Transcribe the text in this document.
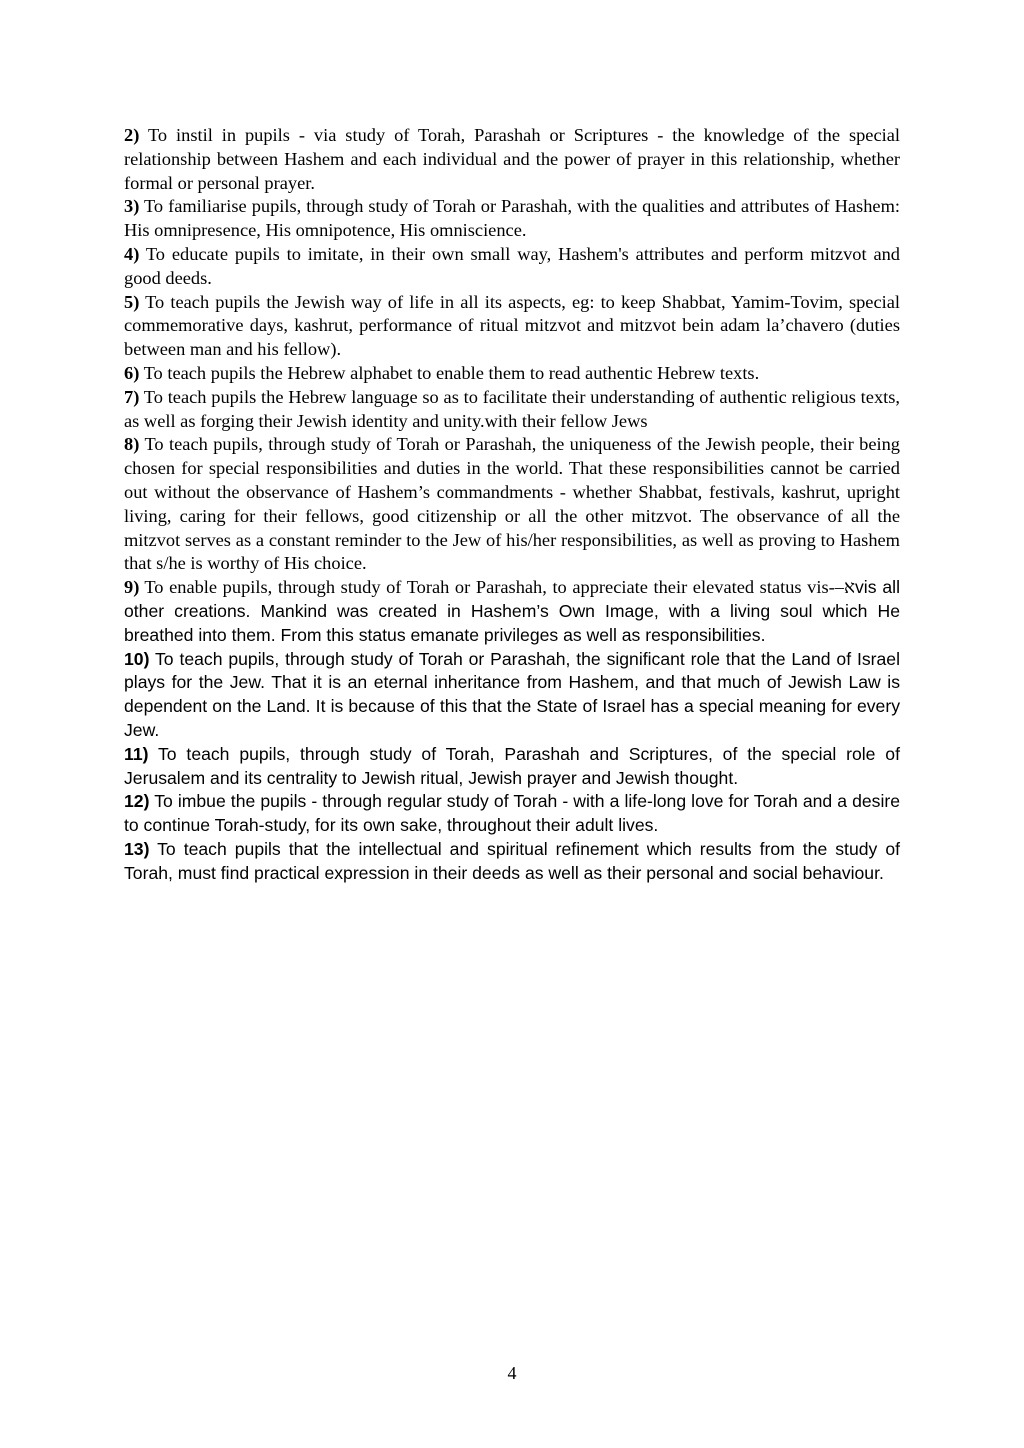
2) To instil in pupils - via study of Torah, Parashah or Scriptures - the knowledge of the special relationship between Hashem and each individual and the power of prayer in this relationship, whether formal or personal prayer.

3) To familiarise pupils, through study of Torah or Parashah, with the qualities and attributes of Hashem: His omnipresence, His omnipotence, His omniscience.

4) To educate pupils to imitate, in their own small way, Hashem's attributes and perform mitzvot and good deeds.

5) To teach pupils the Jewish way of life in all its aspects, eg: to keep Shabbat, Yamim-Tovim, special commemorative days, kashrut, performance of ritual mitzvot and mitzvot bein adam la’chavero (duties between man and his fellow).

6) To teach pupils the Hebrew alphabet to enable them to read authentic Hebrew texts.

7) To teach pupils the Hebrew language so as to facilitate their understanding of authentic religious texts, as well as forging their Jewish identity and unity.with their fellow Jews

8) To teach pupils, through study of Torah or Parashah, the uniqueness of the Jewish people, their being chosen for special responsibilities and duties in the world. That these responsibilities cannot be carried out without the observance of Hashem’s commandments - whether Shabbat, festivals, kashrut, upright living, caring for their fellows, good citizenship or all the other mitzvot. The observance of all the mitzvot serves as a constant reminder to the Jew of his/her responsibilities, as well as proving to Hashem that s/he is worthy of His choice.

9) To enable pupils, through study of Torah or Parashah, to appreciate their elevated status vis-–אvis all other creations. Mankind was created in Hashem’s Own Image, with a living soul which He breathed into them. From this status emanate privileges as well as responsibilities.

10) To teach pupils, through study of Torah or Parashah, the significant role that the Land of Israel plays for the Jew. That it is an eternal inheritance from Hashem, and that much of Jewish Law is dependent on the Land. It is because of this that the State of Israel has a special meaning for every Jew.

11) To teach pupils, through study of Torah, Parashah and Scriptures, of the special role of Jerusalem and its centrality to Jewish ritual, Jewish prayer and Jewish thought.

12) To imbue the pupils - through regular study of Torah - with a life-long love for Torah and a desire to continue Torah-study, for its own sake, throughout their adult lives.

13) To teach pupils that the intellectual and spiritual refinement which results from the study of Torah, must find practical expression in their deeds as well as their personal and social behaviour.

4
